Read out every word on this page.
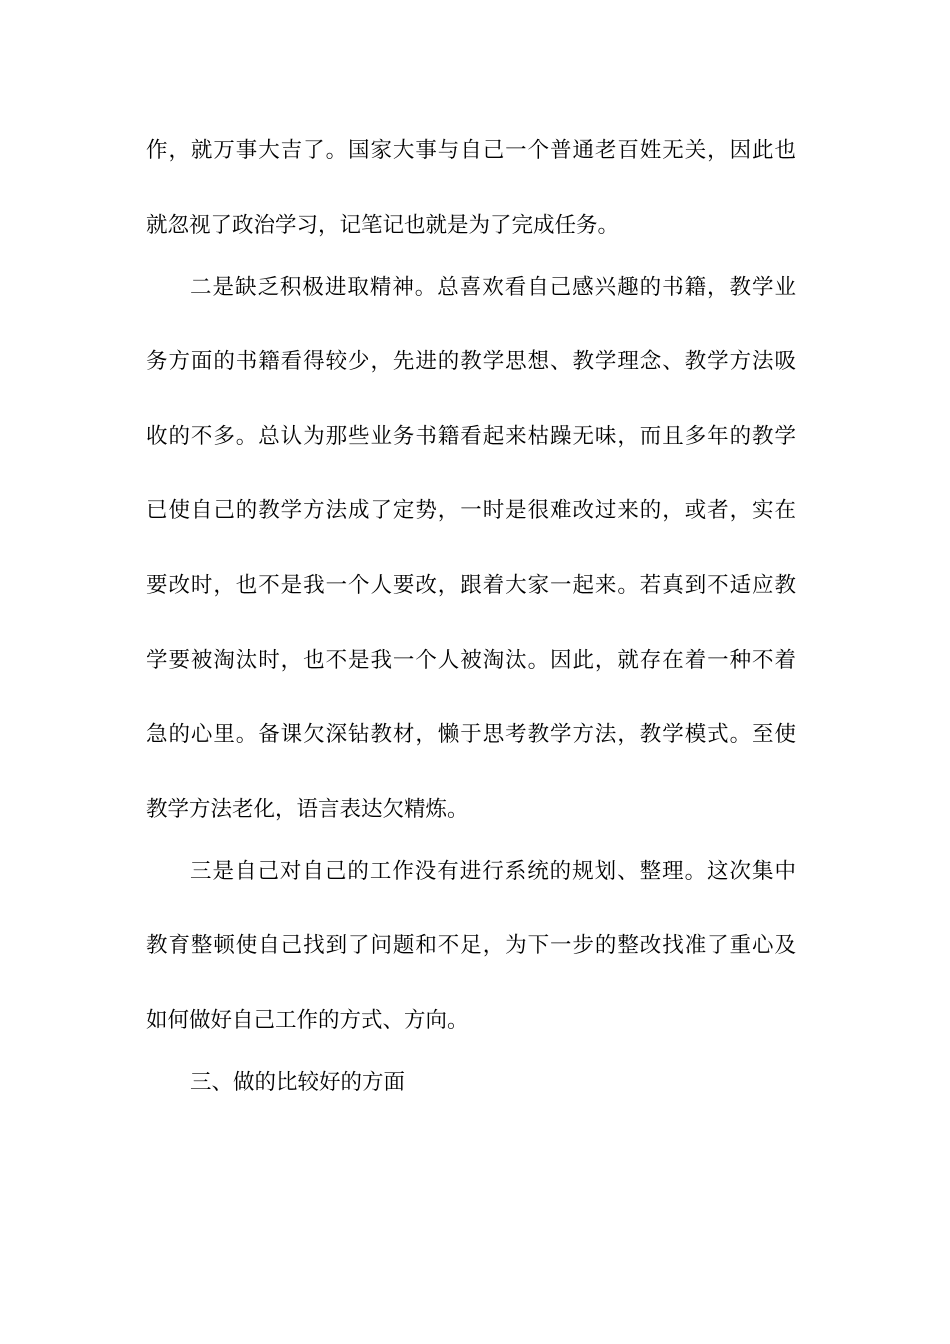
作，就万事大吉了。国家大事与自己一个普通老百姓无关，因此也
就忽视了政治学习，记笔记也就是为了完成任务。
二是缺乏积极进取精神。总喜欢看自己感兴趣的书籍，教学业
务方面的书籍看得较少，先进的教学思想、教学理念、教学方法吸
收的不多。总认为那些业务书籍看起来枯躁无味，而且多年的教学
已使自己的教学方法成了定势，一时是很难改过来的，或者，实在
要改时，也不是我一个人要改，跟着大家一起来。若真到不适应教
学要被淘汰时，也不是我一个人被淘汰。因此，就存在着一种不着
急的心里。备课欠深钻教材，懒于思考教学方法，教学模式。至使
教学方法老化，语言表达欠精炼。
三是自己对自己的工作没有进行系统的规划、整理。这次集中
教育整顿使自己找到了问题和不足，为下一步的整改找准了重心及
如何做好自己工作的方式、方向。
三、做的比较好的方面
